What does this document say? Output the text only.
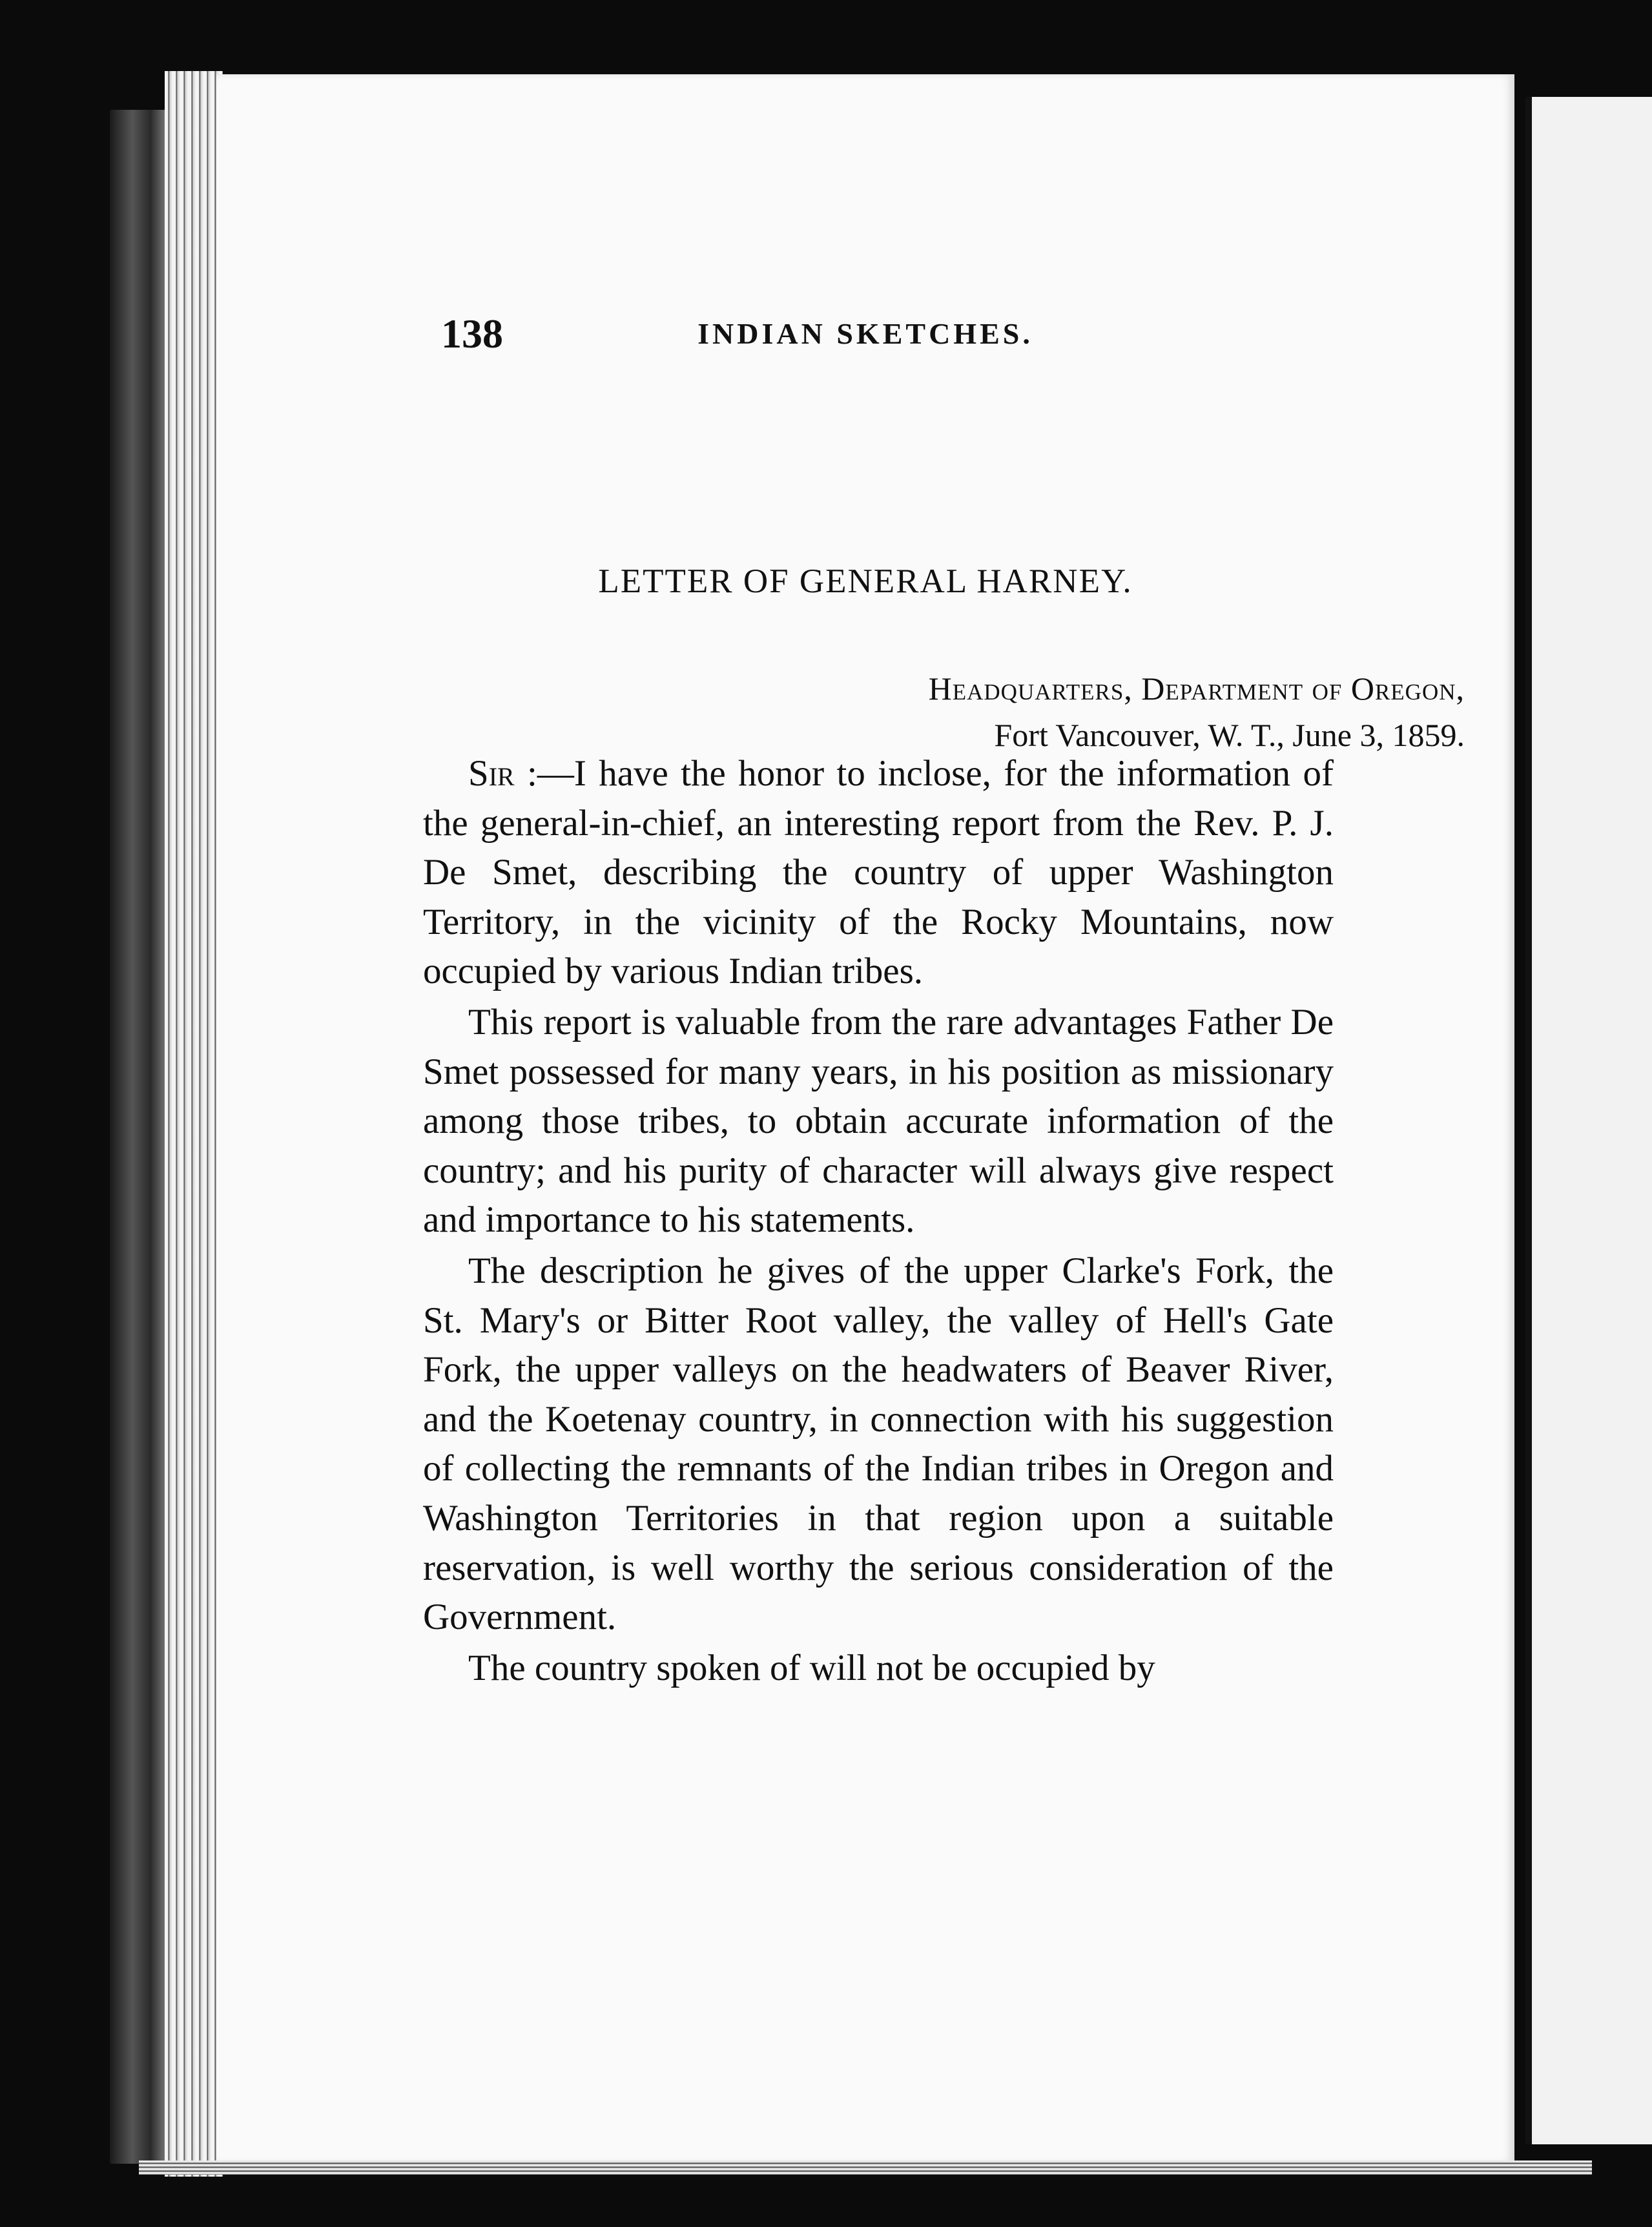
138	INDIAN SKETCHES.
LETTER OF GENERAL HARNEY.
Headquarters, Department of Oregon,
Fort Vancouver, W. T., June 3, 1859.

Sir :—I have the honor to inclose, for the information of the general-in-chief, an interesting report from the Rev. P. J. De Smet, describing the country of upper Washington Territory, in the vicinity of the Rocky Mountains, now occupied by various Indian tribes.

This report is valuable from the rare advantages Father De Smet possessed for many years, in his position as missionary among those tribes, to obtain accurate information of the country; and his purity of character will always give respect and importance to his statements.

The description he gives of the upper Clarke's Fork, the St. Mary's or Bitter Root valley, the valley of Hell's Gate Fork, the upper valleys on the headwaters of Beaver River, and the Koetenay country, in connection with his suggestion of collecting the remnants of the Indian tribes in Oregon and Washington Territories in that region upon a suitable reservation, is well worthy the serious consideration of the Government.

The country spoken of will not be occupied by
